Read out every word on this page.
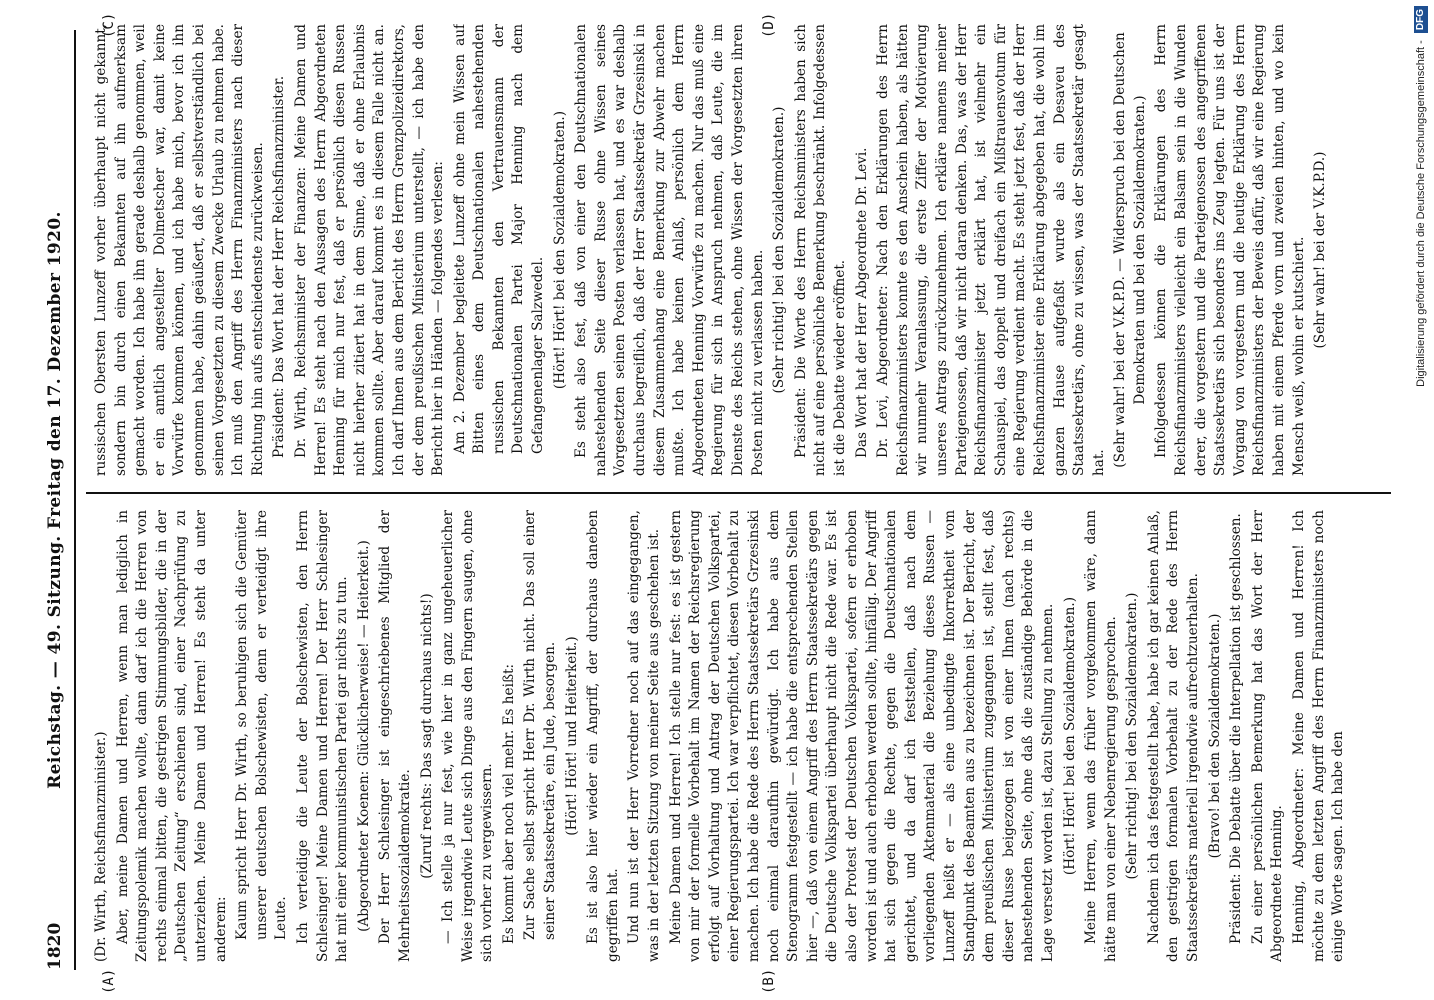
1820
Reichstag. — 49. Sitzung. Freitag den 17. Dezember 1920.
(A)	(B)
(C)	(D)

(Dr. Wirth, Reichsfinanzminister.) Aber, meine Damen und Herren, wenn man lediglich in Zeitungspolemik machen wollte, dann darf ich die Herren von rechts einmal bitten, die gestrigen Stimmungsbilder, die in der „Deutschen Zeitung“ erschienen sind, einer Nachprüfung zu unterziehen. Meine Damen und Herren! Es steht da unter anderem: Kaum spricht Herr Dr. Wirth, so beruhigen sich die Gemüter unserer deutschen Bolschewisten, denn er verteidigt ihre Leute. Ich verteidige die Leute der Bolschewisten, den Herrn Schlesinger! Meine Damen und Herren! Der Herr Schlesinger hat mit einer kommunistischen Partei gar nichts zu tun. (Abgeordneter Koenen: Glücklicherweise! — Heiterkeit.) Der Herr Schlesinger ist eingeschriebenes Mitglied der Mehrheitssozialdemokratie. (Zuruf rechts: Das sagt durchaus nichts!) — Ich stelle ja nur fest, wie hier in ganz ungeheuerlicher Weise irgendwie Leute sich Dinge aus den Fingern saugen, ohne sich vorher zu vergewissern. Es kommt aber noch viel mehr. Es heißt: Zur Sache selbst spricht Herr Dr. Wirth nicht. Das soll einer seiner Staatssekretäre, ein Jude, besorgen. (Hört! Hört! und Heiterkeit.) Es ist also hier wieder ein Angriff, der durchaus daneben gegriffen hat. Und nun ist der Herr Vorredner noch auf das eingegangen, was in der letzten Sitzung von meiner Seite aus geschehen ist. Meine Damen und Herren! Ich stelle nur fest: es ist gestern von mir der formelle Vorbehalt im Namen der Reichsregierung erfolgt auf Vorhaltung und Antrag der Deutschen Volkspartei, einer Regierungspartei. Ich war verpflichtet, diesen Vorbehalt zu machen. Ich habe die Rede des Herrn Staatssekretärs Grzesinski noch einmal daraufhin gewürdigt. Ich habe aus dem Stenogramm festgestellt — ich habe die entsprechenden Stellen hier —, daß von einem Angriff des Herrn Staatssekretärs gegen die Deutsche Volkspartei überhaupt nicht die Rede war. Es ist also der Protest der Deutschen Volkspartei, sofern er erhoben worden ist und auch erhoben werden sollte, hinfällig. Der Angriff hat sich gegen die Rechte, gegen die Deutschnationalen gerichtet, und da darf ich feststellen, daß nach dem vorliegenden Aktenmaterial die Beziehung dieses Russen — Lunzeff heißt er — als eine unbedingte Inkorrektheit vom Standpunkt des Beamten aus zu bezeichnen ist. Der Bericht, der dem preußischen Ministerium zugegangen ist, stellt fest, daß dieser Russe beigezogen ist von einer Ihnen (nach rechts) nahestehenden Seite, ohne daß die zuständige Behörde in die Lage versetzt worden ist, dazu Stellung zu nehmen. (Hört! Hört! bei den Sozialdemokraten.) Meine Herren, wenn das früher vorgekommen wäre, dann hätte man von einer Nebenregierung gesprochen. (Sehr richtig! bei den Sozialdemokraten.) Nachdem ich das festgestellt habe, habe ich gar keinen Anlaß, den gestrigen formalen Vorbehalt zu der Rede des Herrn Staatssekretärs materiell irgendwie aufrechtzuerhalten. (Bravo! bei den Sozialdemokraten.) Präsident: Die Debatte über die Interpellation ist geschlossen. Zu einer persönlichen Bemerkung hat das Wort der Herr Abgeordnete Henning. Henning, Abgeordneter: Meine Damen und Herren! Ich möchte zu dem letzten Angriff des Herrn Finanzministers noch einige Worte sagen. Ich habe den

russischen Obersten Lunzeff vorher überhaupt nicht gekannt, sondern bin durch einen Bekannten auf ihn aufmerksam gemacht worden. Ich habe ihn gerade deshalb genommen, weil er ein amtlich angestellter Dolmetscher war, damit keine Vorwürfe kommen können, und ich habe mich, bevor ich ihn genommen habe, dahin geäußert, daß er selbstverständlich bei seinen Vorgesetzten zu diesem Zwecke Urlaub zu nehmen habe. Ich muß den Angriff des Herrn Finanzministers nach dieser Richtung hin aufs entschiedenste zurückweisen. Präsident: Das Wort hat der Herr Reichsfinanzminister. Dr. Wirth, Reichsminister der Finanzen: Meine Damen und Herren! Es steht nach den Aussagen des Herrn Abgeordneten Henning für mich nur fest, daß er persönlich diesen Russen nicht hierher zitiert hat in dem Sinne, daß er ohne Erlaubnis kommen sollte. Aber darauf kommt es in diesem Falle nicht an. Ich darf Ihnen aus dem Bericht des Herrn Grenzpolizeidirektors, der dem preußischen Ministerium unterstellt, — ich habe den Bericht hier in Händen — folgendes verlesen: Am 2. Dezember begleitete Lunzeff ohne mein Wissen auf Bitten eines dem Deutschnationalen nahestehenden russischen Bekannten den Vertrauensmann der Deutschnationalen Partei Major Henning nach dem Gefangenenlager Salzwedel. (Hört! Hört! bei den Sozialdemokraten.) Es steht also fest, daß von einer den Deutschnationalen nahestehenden Seite dieser Russe ohne Wissen seines Vorgesetzten seinen Posten verlassen hat, und es war deshalb durchaus begreiflich, daß der Herr Staatssekretär Grzesinski in diesem Zusammenhang eine Bemerkung zur Abwehr machen mußte. Ich habe keinen Anlaß, persönlich dem Herrn Abgeordneten Henning Vorwürfe zu machen. Nur das muß eine Regierung für sich in Anspruch nehmen, daß Leute, die im Dienste des Reichs stehen, ohne Wissen der Vorgesetzten ihren Posten nicht zu verlassen haben. (Sehr richtig! bei den Sozialdemokraten.) Präsident: Die Worte des Herrn Reichsministers haben sich nicht auf eine persönliche Bemerkung beschränkt. Infolgedessen ist die Debatte wieder eröffnet. Das Wort hat der Herr Abgeordnete Dr. Levi. Dr. Levi, Abgeordneter: Nach den Erklärungen des Herrn Reichsfinanzministers konnte es den Anschein haben, als hätten wir nunmehr Veranlassung, die erste Ziffer der Motivierung unseres Antrags zurückzunehmen. Ich erkläre namens meiner Parteigenossen, daß wir nicht daran denken. Das, was der Herr Reichsfinanzminister jetzt erklärt hat, ist vielmehr ein Schauspiel, das doppelt und dreifach ein Mißtrauensvotum für eine Regierung verdient macht. Es steht jetzt fest, daß der Herr Reichsfinanzminister eine Erklärung abgegeben hat, die wohl im ganzen Hause aufgefaßt wurde als ein Desaveu des Staatssekretärs, ohne zu wissen, was der Staatssekretär gesagt hat. (Sehr wahr! bei der V.K.P.D. — Widerspruch bei den Deutschen Demokraten und bei den Sozialdemokraten.) Infolgedessen können die Erklärungen des Herrn Reichsfinanzministers vielleicht ein Balsam sein in die Wunden derer, die vorgestern und die Parteigenossen des angegriffenen Staatssekretärs sich besonders ins Zeug legten. Für uns ist der Vorgang von vorgestern und die heutige Erklärung des Herrn Reichsfinanzministers der Beweis dafür, daß wir eine Regierung haben mit einem Pferde vorn und zweien hinten, und wo kein Mensch weiß, wohin er kutschiert. (Sehr wahr! bei der V.K.P.D.)	Digitalisierung gefördert durch die Deutsche Forschungsgemeinschaft - DFG
